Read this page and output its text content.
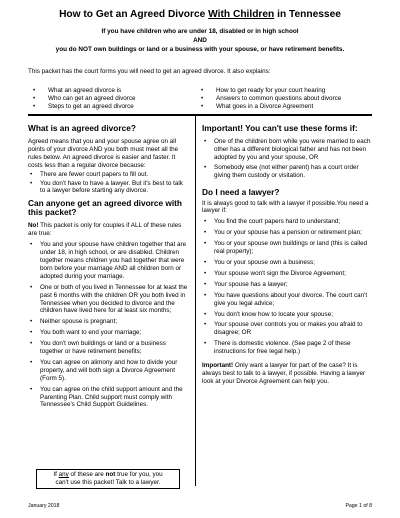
How to Get an Agreed Divorce With Children in Tennessee
If you have children who are under 18, disabled or in high school
AND
you do NOT own buildings or land or a business with your spouse, or have retirement benefits.
This packet has the court forms you will need to get an agreed divorce. It also explains:
• What an agreed divorce is
• Who can get an agreed divorce
• Steps to get an agreed divorce
• How to get ready for your court hearing
• Answers to common questions about divorce
• What goes in a Divorce Agreement
What is an agreed divorce?

Agreed means that you and your spouse agree on all points of your divorce AND you both must meet all the rules below. An agreed divorce is easier and faster. It costs less than a regular divorce because:

• There are fewer court papers to fill out.
• You don't have to have a lawyer. But it's best to talk to a lawyer before starting any divorce.
Can anyone get an agreed divorce with this packet?

No! This packet is only for couples if ALL of these rules are true:

• You and your spouse have children together that are under 18, in high school, or are disabled. Children together means children you had together that were born before your marriage AND all children born or adopted during your marriage.
• One or both of you lived in Tennessee for at least the past 6 months with the children OR you both lived in Tennessee when you decided to divorce and the children have lived here for at least six months;
• Neither spouse is pregnant;
• You both want to end your marriage;
• You don't own buildings or land or a business together or have retirement benefits;
• You can agree on alimony and how to divide your property, and will both sign a Divorce Agreement (Form 5).
• You can agree on the child support amount and the Parenting Plan. Child support must comply with Tennessee's Child Support Guidelines.
If any of these are not true for you, you
can't use this packet! Talk to a lawyer.
Important! You can't use these forms if:
• One of the children born while you were married to each other has a different biological father and has not been adopted by you and your spouse, OR
• Somebody else (not either parent) has a court order giving them custody or visitation.
Do I need a lawyer?

It is always good to talk with a lawyer if possible.You need a lawyer if:

• You find the court papers hard to understand;
• You or your spouse has a pension or retirement plan;
• You or your spouse own buildings or land (this is called real property);
• You or your spouse own a business;
• Your spouse won't sign the Divorce Agreement;
• Your spouse has a lawyer;
• You have questions about your divorce. The court can't give you legal advice;
• You don't know how to locate your spouse;
• Your spouse over controls you or makes you afraid to disagree; OR
• There is domestic violence. (See page 2 of these instructions for free legal help.)

Important! Only want a lawyer for part of the case? It is always best to talk to a lawyer, if possible. Having a lawyer look at your Divorce Agreement can help you.

January 2018	Page 1 of 8
